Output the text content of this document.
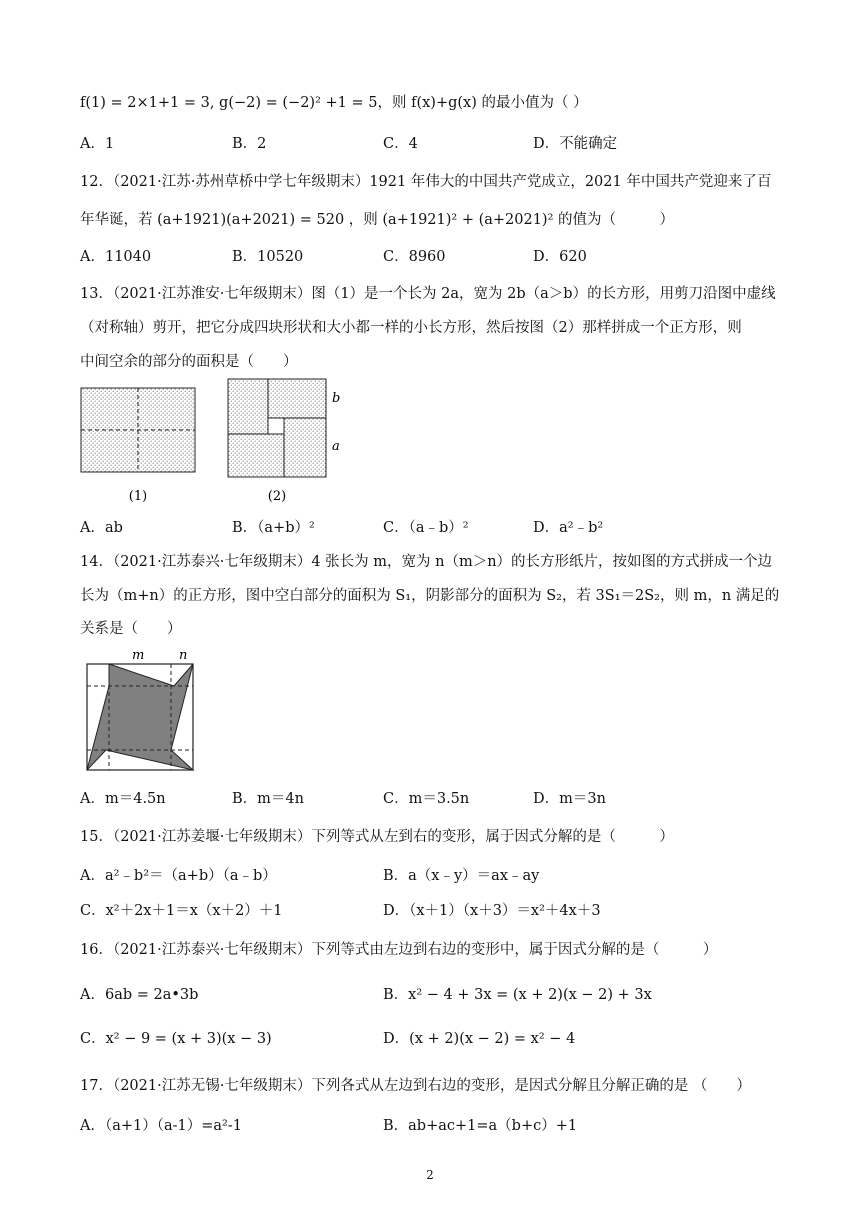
f(1) = 2×1+1 = 3, g(−2) = (−2)² +1 = 5，则 f(x)+g(x) 的最小值为（ ）
A．1	B．2	C．4	D．不能确定
12．（2021·江苏·苏州草桥中学七年级期末）1921 年伟大的中国共产党成立，2021 年中国共产党迎来了百
年华诞，若 (a+1921)(a+2021) = 520 ，则 (a+1921)² + (a+2021)² 的值为（　　　）
A．11040	B．10520	C．8960	D．620
13．（2021·江苏淮安·七年级期末）图（1）是一个长为 2a，宽为 2b（a＞b）的长方形，用剪刀沿图中虚线
（对称轴）剪开，把它分成四块形状和大小都一样的小长方形，然后按图（2）那样拼成一个正方形，则
中间空余的部分的面积是（　　）
(1)
b
a
(2)
A．ab	B．（a+b）²	C．（a﹣b）²	D．a²﹣b²
14．（2021·江苏泰兴·七年级期末）4 张长为 m，宽为 n（m＞n）的长方形纸片，按如图的方式拼成一个边
长为（m+n）的正方形，图中空白部分的面积为 S₁，阴影部分的面积为 S₂，若 3S₁＝2S₂，则 m，n 满足的
关系是（　　）
m	n
A．m＝4.5n	B．m＝4n	C．m＝3.5n	D．m＝3n
15．（2021·江苏姜堰·七年级期末）下列等式从左到右的变形，属于因式分解的是（　　　）
A．a²﹣b²＝（a+b）（a﹣b）	B．a（x﹣y）＝ax﹣ay
C．x²＋2x＋1＝x（x＋2）＋1	D．（x＋1）（x＋3）＝x²＋4x＋3
16．（2021·江苏泰兴·七年级期末）下列等式由左边到右边的变形中，属于因式分解的是（　　　）
A．6ab = 2a•3b	B．x² − 4 + 3x = (x + 2)(x − 2) + 3x
C．x² − 9 = (x + 3)(x − 3)	D．(x + 2)(x − 2) = x² − 4
17．（2021·江苏无锡·七年级期末）下列各式从左边到右边的变形，是因式分解且分解正确的是 （　　）
A．（a+1）（a-1）=a²-1	B．ab+ac+1=a（b+c）+1
2
